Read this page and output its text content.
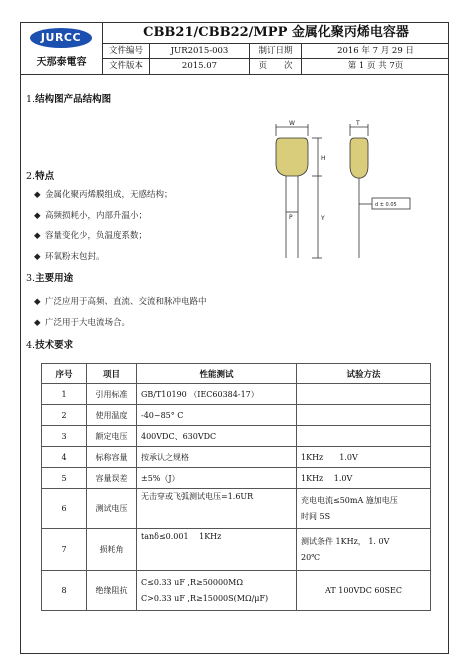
JURCC
天那泰電容
CBB21/CBB22/MPP 金属化聚丙烯电容器
文件编号	JUR2015-003	制订日期	2016 年 7 月 29 日
文件版本	2015.07	页　　次	第 1 页 共 7页
1.结构图产品结构图
W	T
H
Y
P
d ± 0.05
2.特点
◆ 金属化聚丙烯膜组成，无感结构；
◆ 高频损耗小，内部升温小；
◆ 容量变化少，负温度系数；
◆ 环氧粉末包封。
3.主要用途
◆ 广泛应用于高频、直流、交流和脉冲电路中
◆ 广泛用于大电流场合。
4.技术要求
序号	项目	性能测试	试验方法
1	引用标准	GB/T10190 （IEC60384-17）	
2	使用温度	-40~85° C	
3	额定电压	400VDC、630VDC	
4	标称容量	按承认之规格	1KHz　　1.0V
5	容量误差	±5%（J）	1KHz　 1.0V
6	测试电压	无击穿或飞弧测试电压=1.6UR	充电电流≤50mA 施加电压
时间 5S

7	损耗角	tanδ≤0.001　 1KHz	测试条件 1KHz， 1. 0V
20℃

8	绝缘阻抗	C≤0.33 uF ,R≥50000MΩ
C>0.33 uF ,R≥15000S(MΩ/μF)	AT 100VDC 60SEC
